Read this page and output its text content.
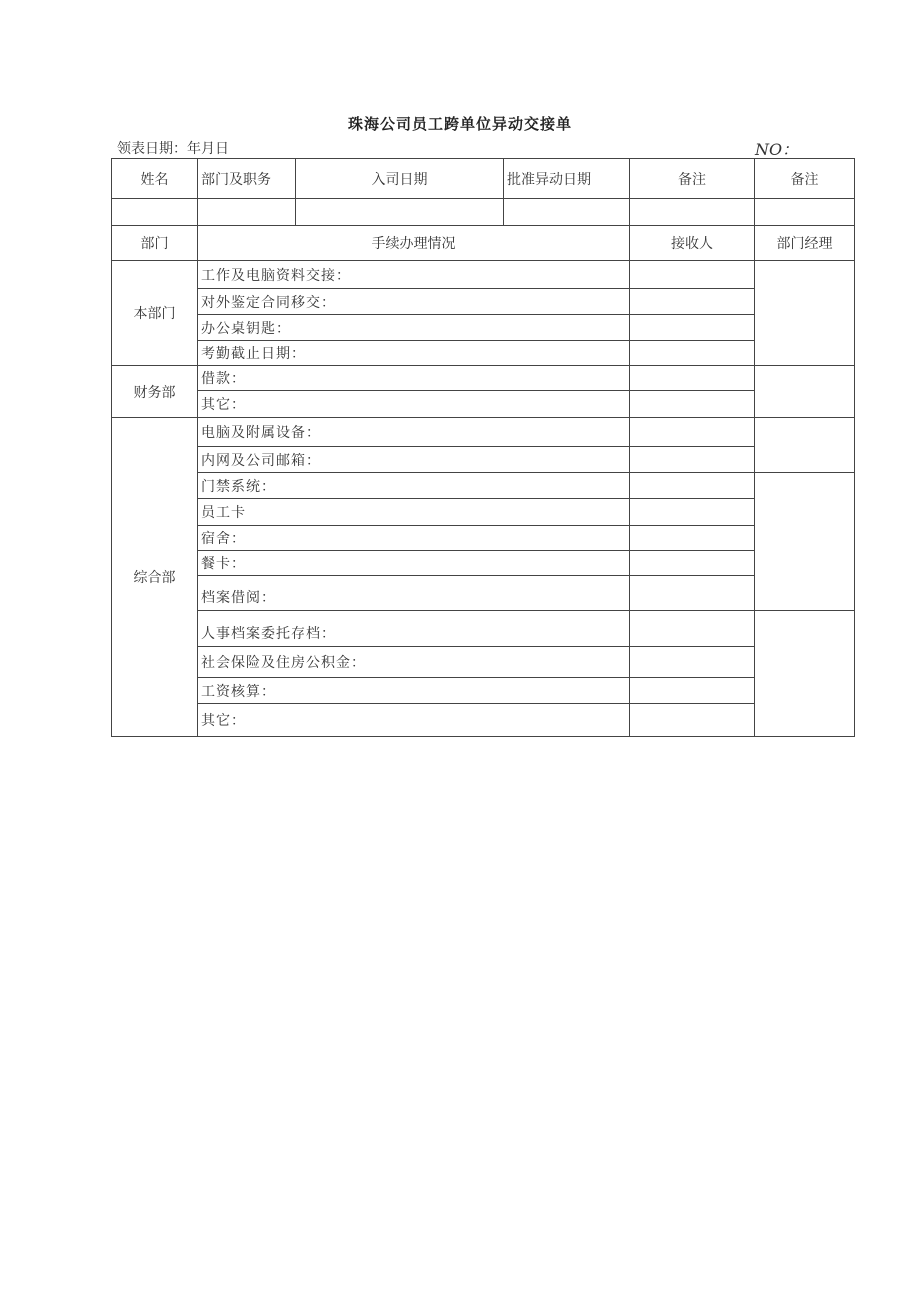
珠海公司员工跨单位异动交接单
领表日期：年月日	NO：
姓名	部门及职务	入司日期	批准异动日期	备注	备注

部门	手续办理情况			接收人	部门经理
本部门	工作及电脑资料交接：				
	对外鉴定合同移交：				
	办公桌钥匙：				
	考勤截止日期：				
财务部	借款：				
	其它：				
综合部	电脑及附属设备：				
	内网及公司邮箱：				
	门禁系统：				
	员工卡				
	宿舍：				
	餐卡：				
	档案借阅：				
	人事档案委托存档：				
	社会保险及住房公积金：				
	工资核算：				
	其它：				
